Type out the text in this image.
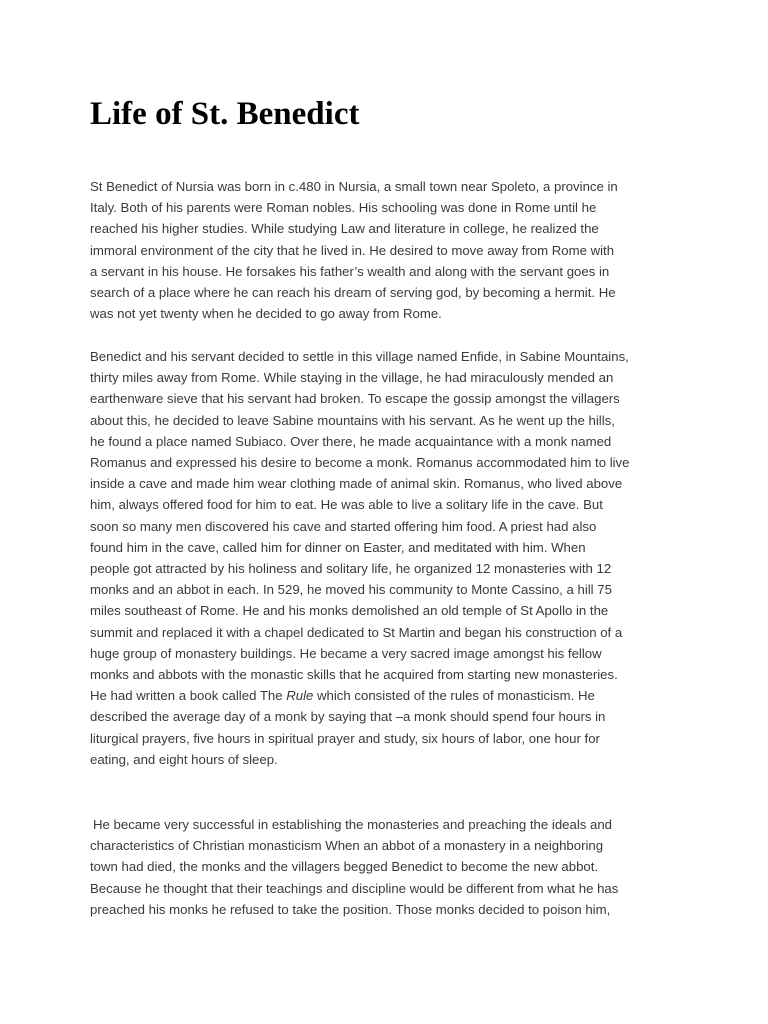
Life of St. Benedict

St Benedict of Nursia was born in c.480 in Nursia, a small town near Spoleto, a province in
Italy. Both of his parents were Roman nobles. His schooling was done in Rome until he
reached his higher studies. While studying Law and literature in college, he realized the
immoral environment of the city that he lived in. He desired to move away from Rome with
a servant in his house. He forsakes his father’s wealth and along with the servant goes in
search of a place where he can reach his dream of serving god, by becoming a hermit. He
was not yet twenty when he decided to go away from Rome.

Benedict and his servant decided to settle in this village named Enfide, in Sabine Mountains,
thirty miles away from Rome. While staying in the village, he had miraculously mended an
earthenware sieve that his servant had broken. To escape the gossip amongst the villagers
about this, he decided to leave Sabine mountains with his servant. As he went up the hills,
he found a place named Subiaco. Over there, he made acquaintance with a monk named
Romanus and expressed his desire to become a monk. Romanus accommodated him to live
inside a cave and made him wear clothing made of animal skin. Romanus, who lived above
him, always offered food for him to eat. He was able to live a solitary life in the cave. But
soon so many men discovered his cave and started offering him food. A priest had also
found him in the cave, called him for dinner on Easter, and meditated with him. When
people got attracted by his holiness and solitary life, he organized 12 monasteries with 12
monks and an abbot in each. In 529, he moved his community to Monte Cassino, a hill 75
miles southeast of Rome. He and his monks demolished an old temple of St Apollo in the
summit and replaced it with a chapel dedicated to St Martin and began his construction of a
huge group of monastery buildings. He became a very sacred image amongst his fellow
monks and abbots with the monastic skills that he acquired from starting new monasteries.
He had written a book called The Rule which consisted of the rules of monasticism. He
described the average day of a monk by saying that –a monk should spend four hours in
liturgical prayers, five hours in spiritual prayer and study, six hours of labor, one hour for
eating, and eight hours of sleep.

He became very successful in establishing the monasteries and preaching the ideals and
characteristics of Christian monasticism When an abbot of a monastery in a neighboring
town had died, the monks and the villagers begged Benedict to become the new abbot.
Because he thought that their teachings and discipline would be different from what he has
preached his monks he refused to take the position. Those monks decided to poison him,
